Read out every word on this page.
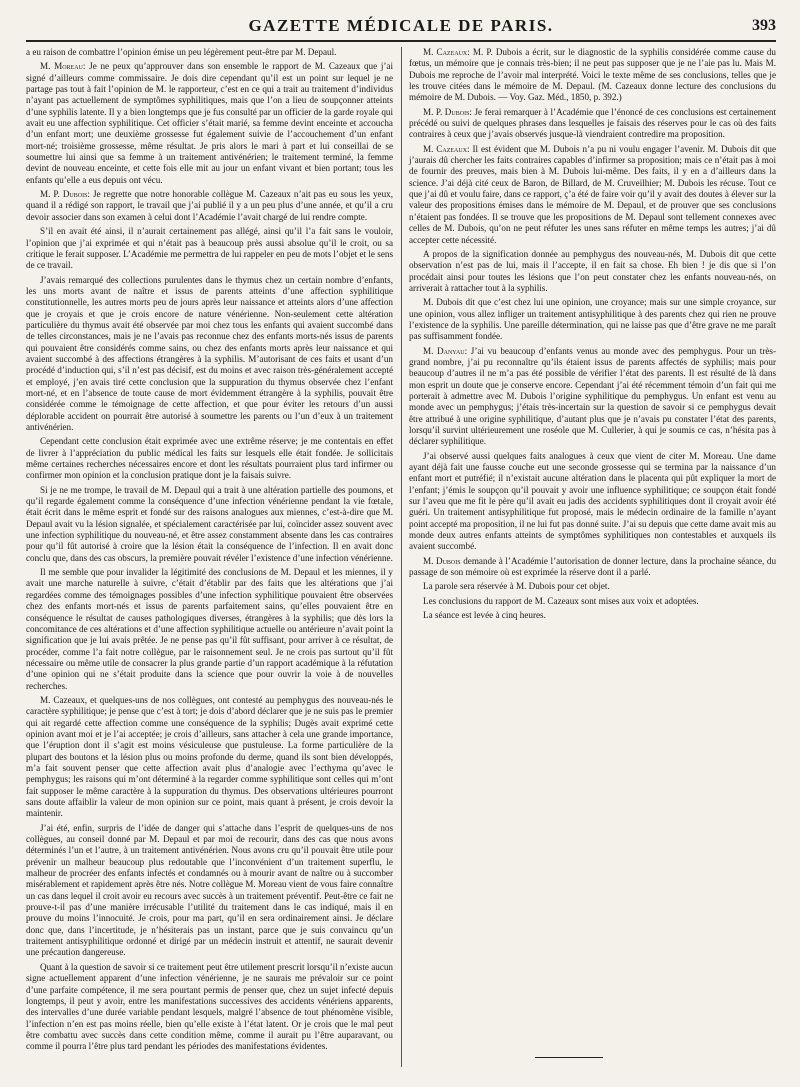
GAZETTE MÉDICALE DE PARIS.	393

a eu raison de combattre l’opinion émise un peu légèrement peut-être par M. Depaul.

M. Moreau: Je ne peux qu’approuver dans son ensemble le rapport de M. Cazeaux que j’ai signé d’ailleurs comme commissaire. Je dois dire cependant qu’il est un point sur lequel je ne partage pas tout à fait l’opinion de M. le rapporteur, c’est en ce qui a trait au traitement d’individus n’ayant pas actuellement de symptômes syphilitiques, mais que l’on a lieu de soupçonner atteints d’une syphilis latente. Il y a bien longtemps que je fus consulté par un officier de la garde royale qui avait eu une affection syphilitique. Cet officier s’était marié, sa femme devint enceinte et accoucha d’un enfant mort; une deuxième grossesse fut également suivie de l’accouchement d’un enfant mort-né; troisième grossesse, même résultat. Je pris alors le mari à part et lui conseillai de se soumettre lui ainsi que sa femme à un traitement antivénérien; le traitement terminé, la femme devint de nouveau enceinte, et cette fois elle mit au jour un enfant vivant et bien portant; tous les enfants qu’elle a eus depuis ont vécu.

M. P. Dubois: Je regrette que notre honorable collègue M. Cazeaux n’ait pas eu sous les yeux, quand il a rédigé son rapport, le travail que j’ai publié il y a un peu plus d’une année, et qu’il a cru devoir associer dans son examen à celui dont l’Académie l’avait chargé de lui rendre compte.

S’il en avait été ainsi, il n’aurait certainement pas allégé, ainsi qu’il l’a fait sans le vouloir, l’opinion que j’ai exprimée et qui n’était pas à beaucoup près aussi absolue qu’il le croit, ou sa critique le ferait supposer. L’Académie me permettra de lui rappeler en peu de mots l’objet et le sens de ce travail.

J’avais remarqué des collections purulentes dans le thymus chez un certain nombre d’enfants, les uns morts avant de naître et issus de parents atteints d’une affection syphilitique constitutionnelle, les autres morts peu de jours après leur naissance et atteints alors d’une affection que je croyais et que je crois encore de nature vénérienne. Non-seulement cette altération particulière du thymus avait été observée par moi chez tous les enfants qui avaient succombé dans de telles circonstances, mais je ne l’avais pas reconnue chez des enfants morts-nés issus de parents qui pouvaient être considérés comme sains, ou chez des enfants morts après leur naissance et qui avaient succombé à des affections étrangères à la syphilis. M’autorisant de ces faits et usant d’un procédé d’induction qui, s’il n’est pas décisif, est du moins et avec raison très-généralement accepté et employé, j’en avais tiré cette conclusion que la suppuration du thymus observée chez l’enfant mort-né, et en l’absence de toute cause de mort évidemment étrangère à la syphilis, pouvait être considérée comme le témoignage de cette affection, et que pour éviter les retours d’un aussi déplorable accident on pourrait être autorisé à soumettre les parents ou l’un d’eux à un traitement antivénérien.

Cependant cette conclusion était exprimée avec une extrême réserve; je me contentais en effet de livrer à l’appréciation du public médical les faits sur lesquels elle était fondée. Je sollicitais même certaines recherches nécessaires encore et dont les résultats pourraient plus tard infirmer ou confirmer mon opinion et la conclusion pratique dont je la faisais suivre.

Si je ne me trompe, le travail de M. Depaul qui a trait à une altération partielle des poumons, et qu’il regarde également comme la conséquence d’une infection vénérienne pendant la vie fœtale, était écrit dans le même esprit et fondé sur des raisons analogues aux miennes, c’est-à-dire que M. Depaul avait vu la lésion signalée, et spécialement caractérisée par lui, coïncider assez souvent avec une infection syphilitique du nouveau-né, et être assez constamment absente dans les cas contraires pour qu’il fût autorisé à croire que la lésion était la conséquence de l’infection. Il en avait donc conclu que, dans des cas obscurs, la première pouvait révéler l’existence d’une infection vénérienne.

Il me semble que pour invalider la légitimité des conclusions de M. Depaul et les miennes, il y avait une marche naturelle à suivre, c’était d’établir par des faits que les altérations que j’ai regardées comme des témoignages possibles d’une infection syphilitique pouvaient être observées chez des enfants mort-nés et issus de parents parfaitement sains, qu’elles pouvaient être en conséquence le résultat de causes pathologiques diverses, étrangères à la syphilis; que dès lors la concomitance de ces altérations et d’une affection syphilitique actuelle ou antérieure n’avait point la signification que je lui avais prêtée. Je ne pense pas qu’il fût suffisant, pour arriver à ce résultat, de procéder, comme l’a fait notre collègue, par le raisonnement seul. Je ne crois pas surtout qu’il fût nécessaire ou même utile de consacrer la plus grande partie d’un rapport académique à la réfutation d’une opinion qui ne s’était produite dans la science que pour ouvrir la voie à de nouvelles recherches.

M. Cazeaux, et quelques-uns de nos collègues, ont contesté au pemphygus des nouveau-nés le caractère syphilitique; je pense que c’est à tort; je dois d’abord déclarer que je ne suis pas le premier qui ait regardé cette affection comme une conséquence de la syphilis; Dugès avait exprimé cette opinion avant moi et je l’ai acceptée; je crois d’ailleurs, sans attacher à cela une grande importance, que l’éruption dont il s’agit est moins vésiculeuse que pustuleuse. La forme particulière de la plupart des boutons et la lésion plus ou moins profonde du derme, quand ils sont bien développés, m’a fait souvent penser que cette affection avait plus d’analogie avec l’ecthyma qu’avec le pemphygus; les raisons qui m’ont déterminé à la regarder comme syphilitique sont celles qui m’ont fait supposer le même caractère à la suppuration du thymus. Des observations ultérieures pourront sans doute affaiblir la valeur de mon opinion sur ce point, mais quant à présent, je crois devoir la maintenir.

J’ai été, enfin, surpris de l’idée de danger qui s’attache dans l’esprit de quelques-uns de nos collègues, au conseil donné par M. Depaul et par moi de recourir, dans des cas que nous avons déterminés l’un et l’autre, à un traitement antivénérien. Nous avons cru qu’il pouvait être utile pour prévenir un malheur beaucoup plus redoutable que l’inconvénient d’un traitement superflu, le malheur de procréer des enfants infectés et condamnés ou à mourir avant de naître ou à succomber misérablement et rapidement après être nés. Notre collègue M. Moreau vient de vous faire connaître un cas dans lequel il croit avoir eu recours avec succès à un traitement préventif. Peut-être ce fait ne prouve-t-il pas d’une manière irrécusable l’utilité du traitement dans le cas indiqué, mais il en prouve du moins l’innocuité. Je crois, pour ma part, qu’il en sera ordinairement ainsi. Je déclare donc que, dans l’incertitude, je n’hésiterais pas un instant, parce que je suis convaincu qu’un traitement antisyphilitique ordonné et dirigé par un médecin instruit et attentif, ne saurait devenir une précaution dangereuse.

Quant à la question de savoir si ce traitement peut être utilement prescrit lorsqu’il n’existe aucun signe actuellement apparent d’une infection vénérienne, je ne saurais me prévaloir sur ce point d’une parfaite compétence, il me sera pourtant permis de penser que, chez un sujet infecté depuis longtemps, il peut y avoir, entre les manifestations successives des accidents vénériens apparents, des intervalles d’une durée variable pendant lesquels, malgré l’absence de tout phénomène visible, l’infection n’en est pas moins réelle, bien qu’elle existe à l’état latent. Or je crois que le mal peut être combattu avec succès dans cette condition même, comme il aurait pu l’être auparavant, ou comme il pourra l’être plus tard pendant les périodes des manifestations évidentes.

M. Cazeaux: M. P. Dubois a écrit, sur le diagnostic de la syphilis considérée comme cause du fœtus, un mémoire que je connais très-bien; il ne peut pas supposer que je ne l’aie pas lu. Mais M. Dubois me reproche de l’avoir mal interprété. Voici le texte même de ses conclusions, telles que je les trouve citées dans le mémoire de M. Depaul. (M. Cazeaux donne lecture des conclusions du mémoire de M. Dubois. — Voy. Gaz. Méd., 1850, p. 392.)

M. P. Dubois: Je ferai remarquer à l’Académie que l’énoncé de ces conclusions est certainement précédé ou suivi de quelques phrases dans lesquelles je faisais des réserves pour le cas où des faits contraires à ceux que j’avais observés jusque-là viendraient contredire ma proposition.

M. Cazeaux: Il est évident que M. Dubois n’a pu ni voulu engager l’avenir. M. Dubois dit que j’aurais dû chercher les faits contraires capables d’infirmer sa proposition; mais ce n’était pas à moi de fournir des preuves, mais bien à M. Dubois lui-même. Des faits, il y en a d’ailleurs dans la science. J’ai déjà cité ceux de Baron, de Billard, de M. Cruveilhier; M. Dubois les récuse. Tout ce que j’ai dû et voulu faire, dans ce rapport, ç’a été de faire voir qu’il y avait des doutes à élever sur la valeur des propositions émises dans le mémoire de M. Depaul, et de prouver que ses conclusions n’étaient pas fondées. Il se trouve que les propositions de M. Depaul sont tellement connexes avec celles de M. Dubois, qu’on ne peut réfuter les unes sans réfuter en même temps les autres; j’ai dû accepter cette nécessité.

A propos de la signification donnée au pemphygus des nouveau-nés, M. Dubois dit que cette observation n’est pas de lui, mais il l’accepte, il en fait sa chose. Eh bien ! je dis que si l’on procédait ainsi pour toutes les lésions que l’on peut constater chez les enfants nouveau-nés, on arriverait à rattacher tout à la syphilis.

M. Dubois dit que c’est chez lui une opinion, une croyance; mais sur une simple croyance, sur une opinion, vous allez infliger un traitement antisyphilitique à des parents chez qui rien ne prouve l’existence de la syphilis. Une pareille détermination, qui ne laisse pas que d’être grave ne me paraît pas suffisamment fondée.

M. Danyau: J’ai vu beaucoup d’enfants venus au monde avec des pemphygus. Pour un très-grand nombre, j’ai pu reconnaître qu’ils étaient issus de parents affectés de syphilis; mais pour beaucoup d’autres il ne m’a pas été possible de vérifier l’état des parents. Il est résulté de là dans mon esprit un doute que je conserve encore. Cependant j’ai été récemment témoin d’un fait qui me porterait à admettre avec M. Dubois l’origine syphilitique du pemphygus. Un enfant est venu au monde avec un pemphygus; j’étais très-incertain sur la question de savoir si ce pemphygus devait être attribué à une origine syphilitique, d’autant plus que je n’avais pu constater l’état des parents, lorsqu’il survint ultérieurement une roséole que M. Cullerier, à qui je soumis ce cas, n’hésita pas à déclarer syphilitique.

J’ai observé aussi quelques faits analogues à ceux que vient de citer M. Moreau. Une dame ayant déjà fait une fausse couche eut une seconde grossesse qui se termina par la naissance d’un enfant mort et putréfié; il n’existait aucune altération dans le placenta qui pût expliquer la mort de l’enfant; j’émis le soupçon qu’il pouvait y avoir une influence syphilitique; ce soupçon était fondé sur l’aveu que me fit le père qu’il avait eu jadis des accidents syphilitiques dont il croyait avoir été guéri. Un traitement antisyphilitique fut proposé, mais le médecin ordinaire de la famille n’ayant point accepté ma proposition, il ne lui fut pas donné suite. J’ai su depuis que cette dame avait mis au monde deux autres enfants atteints de symptômes syphilitiques non contestables et auxquels ils avaient succombé.

M. Dubois demande à l’Académie l’autorisation de donner lecture, dans la prochaine séance, du passage de son mémoire où est exprimée la réserve dont il a parlé.

La parole sera réservée à M. Dubois pour cet objet.

Les conclusions du rapport de M. Cazeaux sont mises aux voix et adoptées.

La séance est levée à cinq heures.
